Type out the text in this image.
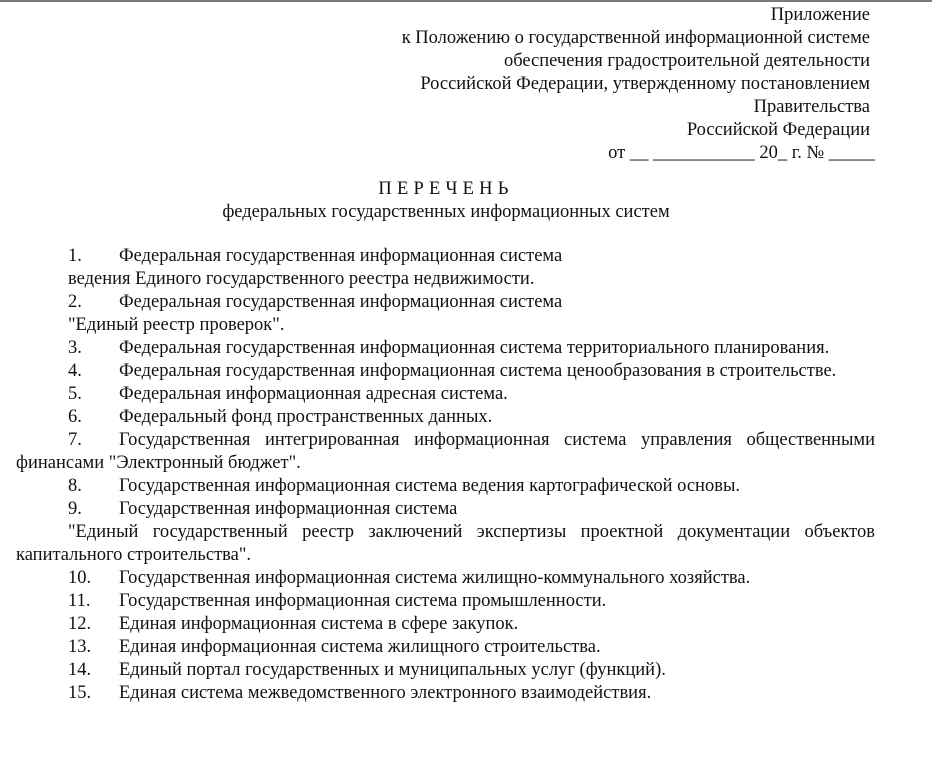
Приложение
к Положению о государственной информационной системе
обеспечения градостроительной деятельности
Российской Федерации, утвержденному постановлением
Правительства
Российской Федерации
от __ ___________ 20_ г. № _____
ПЕРЕЧЕНЬ
федеральных государственных информационных систем
1. Федеральная государственная информационная система
ведения Единого государственного реестра недвижимости.
2. Федеральная государственная информационная система
"Единый реестр проверок".
3. Федеральная государственная информационная система территориального планирования.
4. Федеральная государственная информационная система ценообразования в строительстве.
5. Федеральная информационная адресная система.
6. Федеральный фонд пространственных данных.
7. Государственная интегрированная информационная система управления общественными финансами "Электронный бюджет".
8. Государственная информационная система ведения картографической основы.
9. Государственная информационная система
"Единый государственный реестр заключений экспертизы проектной документации объектов капитального строительства".
10. Государственная информационная система жилищно-коммунального хозяйства.
11. Государственная информационная система промышленности.
12. Единая информационная система в сфере закупок.
13. Единая информационная система жилищного строительства.
14. Единый портал государственных и муниципальных услуг (функций).
15. Единая система межведомственного электронного взаимодействия.
